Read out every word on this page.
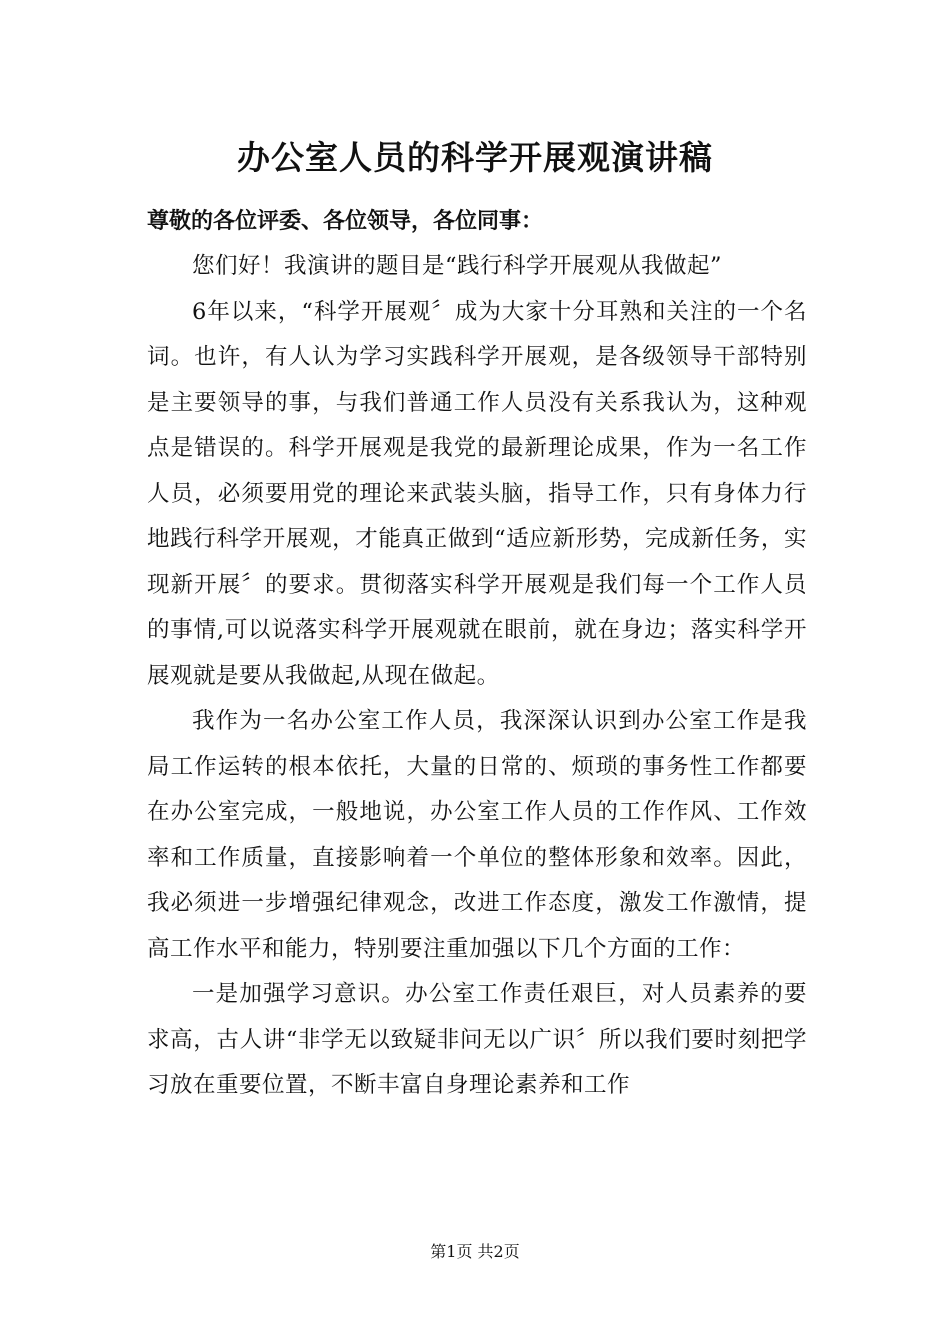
办公室人员的科学开展观演讲稿
尊敬的各位评委、各位领导，各位同事：

您们好！我演讲的题目是“践行科学开展观从我做起”

6年以来，“科学开展观〞成为大家十分耳熟和关注的一个名词。也许，有人认为学习实践科学开展观，是各级领导干部特别是主要领导的事，与我们普通工作人员没有关系我认为，这种观点是错误的。科学开展观是我党的最新理论成果，作为一名工作人员，必须要用党的理论来武装头脑，指导工作，只有身体力行地践行科学开展观，才能真正做到“适应新形势，完成新任务，实现新开展〞的要求。贯彻落实科学开展观是我们每一个工作人员的事情,可以说落实科学开展观就在眼前，就在身边；落实科学开展观就是要从我做起,从现在做起。

我作为一名办公室工作人员，我深深认识到办公室工作是我局工作运转的根本依托，大量的日常的、烦琐的事务性工作都要在办公室完成，一般地说，办公室工作人员的工作作风、工作效率和工作质量，直接影响着一个单位的整体形象和效率。因此，我必须进一步增强纪律观念，改进工作态度，激发工作激情，提高工作水平和能力，特别要注重加强以下几个方面的工作：

一是加强学习意识。办公室工作责任艰巨，对人员素养的要求高，古人讲“非学无以致疑非问无以广识〞所以我们要时刻把学习放在重要位置，不断丰富自身理论素养和工作

第1页 共2页
